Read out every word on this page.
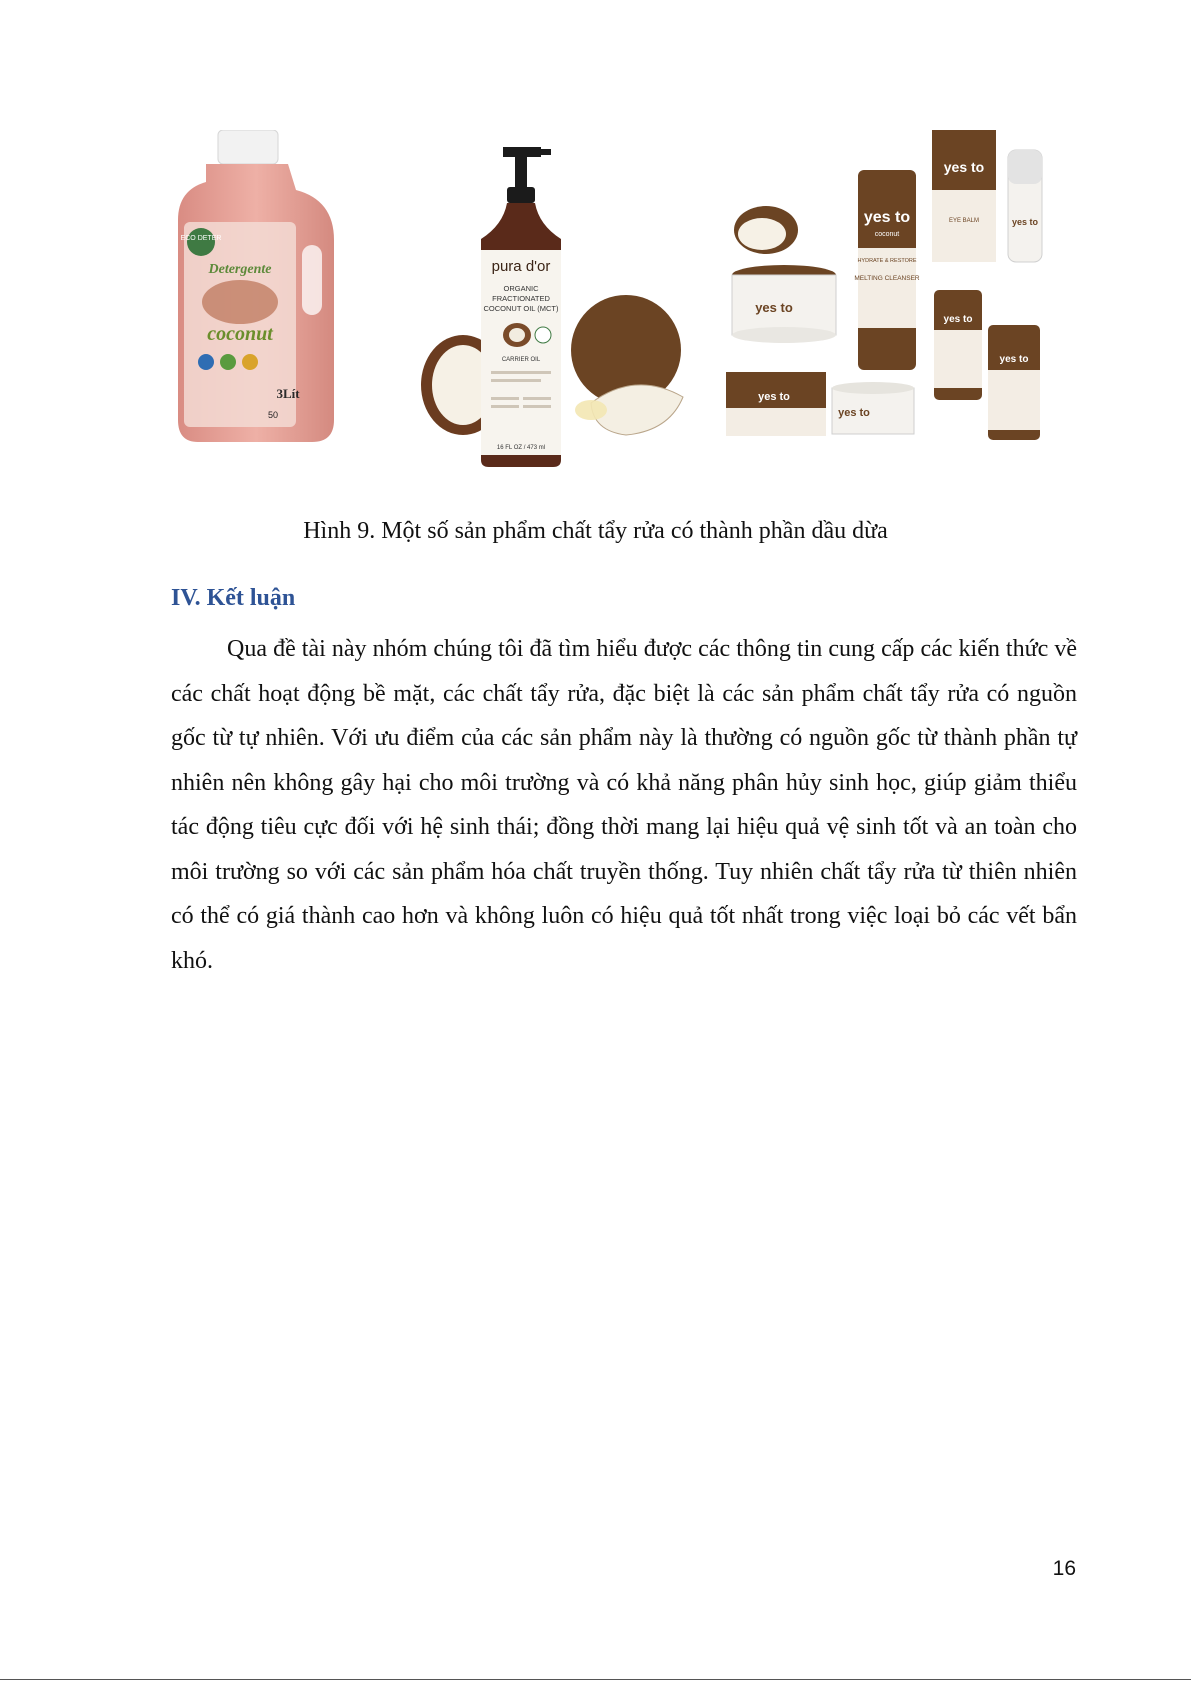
ECO DETER
Detergente
coconut
3Lít
50
pura d'or
ORGANIC
FRACTIONATED
COCONUT OIL (MCT)
CARRIER OIL
16 FL OZ / 473 ml
yes to
yes to
coconut
HYDRATE & RESTORE
MELTING CLEANSER
yes to
EYE BALM	yes to
yes to
yes to
yes to
yes to
Hình 9. Một số sản phẩm chất tẩy rửa có thành phần dầu dừa
IV. Kết luận

Qua đề tài này nhóm chúng tôi đã tìm hiểu được các thông tin cung cấp các kiến thức về các chất hoạt động bề mặt, các chất tẩy rửa, đặc biệt là các sản phẩm chất tẩy rửa có nguồn gốc từ tự nhiên. Với ưu điểm của các sản phẩm này là thường có nguồn gốc từ thành phần tự nhiên nên không gây hại cho môi trường và có khả năng phân hủy sinh học, giúp giảm thiểu tác động tiêu cực đối với hệ sinh thái; đồng thời mang lại hiệu quả vệ sinh tốt và an toàn cho môi trường so với các sản phẩm hóa chất truyền thống. Tuy nhiên chất tẩy rửa từ thiên nhiên có thể có giá thành cao hơn và không luôn có hiệu quả tốt nhất trong việc loại bỏ các vết bẩn khó.

16
